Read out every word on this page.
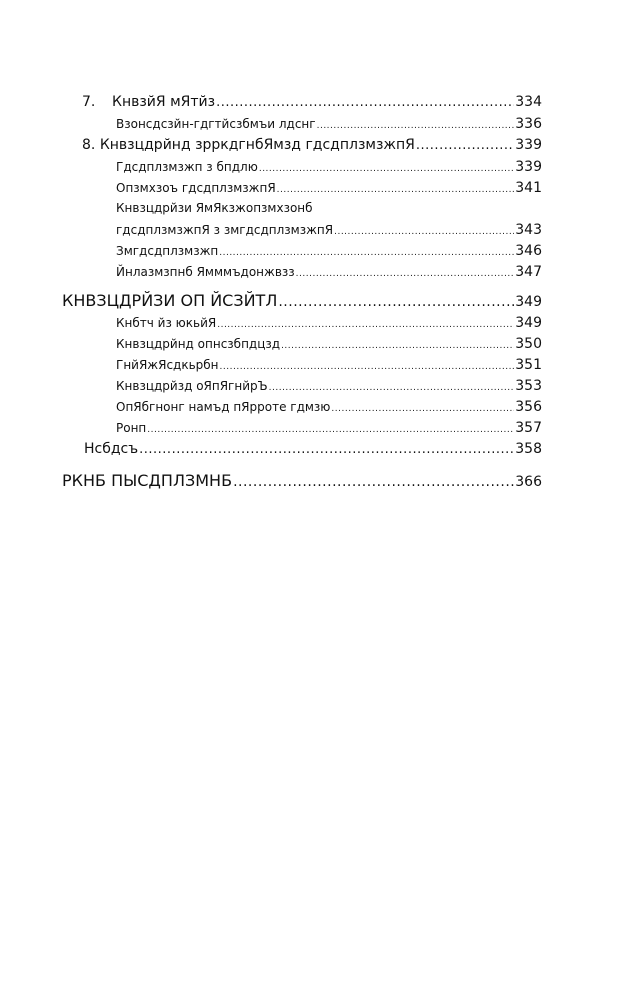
7. КнвзйЯ мЯтйз .....	334
Взонсдсзйн-гдгтйсзбмъи лдснг .....	336
8. Кнвзцдрйнд зрркдгнбЯмзд гдсдплзмзжпЯ .....	339
Гдсдплзмзжп з бпдлю .....	339
Опзмхзоъ гдсдплзмзжпЯ .....	341
Кнвзцдрйзи ЯмЯкзжопзмхзонб
гдсдплзмзжпЯ з змгдсдплзмзжпЯ .....	343
Змгдсдплзмзжп .....	346
Йнлазмзпнб Ямммъдонжвзз .....	347
КНВЗЦДРЙЗИ ОП ЙСЗЙТЛ .....	349
Кнбтч йз юкьйЯ .....	349
Кнвзцдрйнд опнсзбпдцзд .....	350
ГнйЯжЯсдкьрбн .....	351
Кнвзцдрйзд оЯпЯгнйрЪ .....	353
ОпЯбгнонг намъд пЯрроте гдмзю .....	356
Ронп .....	357
Нсбдсъ .....	358
РКНБ ПЫСДПЛЗМНБ .....	366
